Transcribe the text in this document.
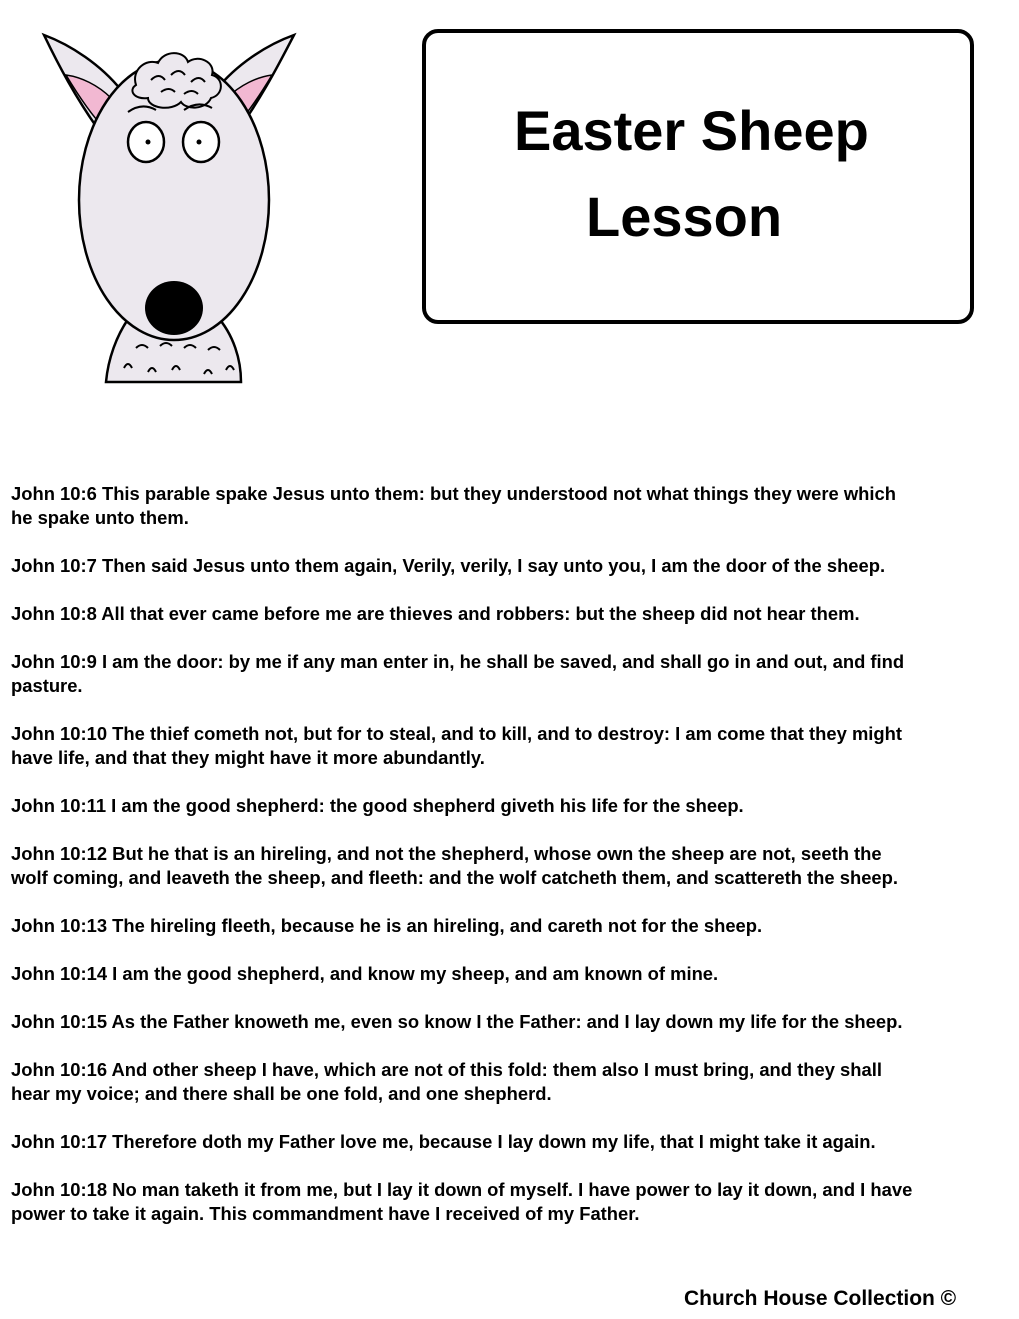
Easter Sheep
Lesson

John 10:6 This parable spake Jesus unto them: but they understood not what things they were which
he spake unto them.

John 10:7 Then said Jesus unto them again, Verily, verily, I say unto you, I am the door of the sheep.

John 10:8 All that ever came before me are thieves and robbers: but the sheep did not hear them.

John 10:9 I am the door: by me if any man enter in, he shall be saved, and shall go in and out, and find
pasture.

John 10:10 The thief cometh not, but for to steal, and to kill, and to destroy: I am come that they might
have life, and that they might have it more abundantly.

John 10:11 I am the good shepherd: the good shepherd giveth his life for the sheep.

John 10:12 But he that is an hireling, and not the shepherd, whose own the sheep are not, seeth the
wolf coming, and leaveth the sheep, and fleeth: and the wolf catcheth them, and scattereth the sheep.

John 10:13 The hireling fleeth, because he is an hireling, and careth not for the sheep.

John 10:14 I am the good shepherd, and know my sheep, and am known of mine.

John 10:15 As the Father knoweth me, even so know I the Father: and I lay down my life for the sheep.

John 10:16 And other sheep I have, which are not of this fold: them also I must bring, and they shall
hear my voice; and there shall be one fold, and one shepherd.

John 10:17 Therefore doth my Father love me, because I lay down my life, that I might take it again.

John 10:18 No man taketh it from me, but I lay it down of myself. I have power to lay it down, and I have
power to take it again. This commandment have I received of my Father.

Church House Collection ©
